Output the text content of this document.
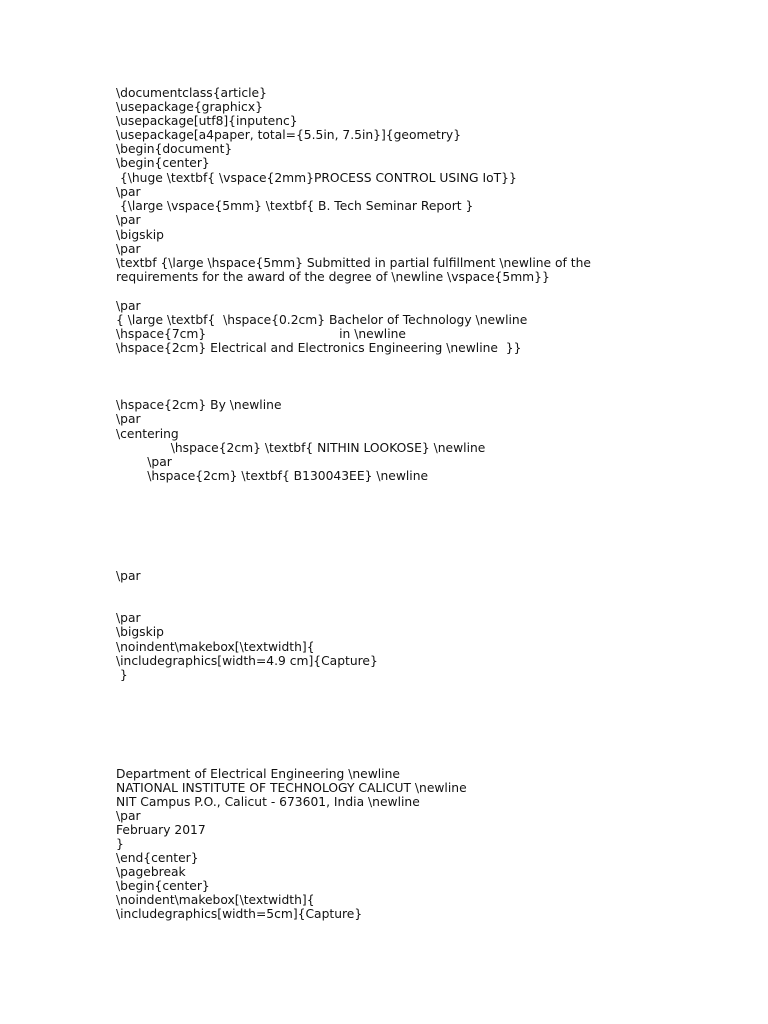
\documentclass{article}

\usepackage{graphicx}

\usepackage[utf8]{inputenc}

\usepackage[a4paper, total={5.5in, 7.5in}]{geometry}

\begin{document}

\begin{center}

{\huge \textbf{ \vspace{2mm}PROCESS CONTROL USING IoT}}

\par

{\large \vspace{5mm} \textbf{ B. Tech Seminar Report }

\par

\bigskip

\par

\textbf {\large \hspace{5mm} Submitted in partial fulfillment \newline of the

requirements for the award of the degree of \newline \vspace{5mm}}

\par

{ \large \textbf{  \hspace{0.2cm} Bachelor of Technology \newline

\hspace{7cm}                                  in \newline

\hspace{2cm} Electrical and Electronics Engineering \newline  }}

\hspace{2cm} By \newline

\par

\centering

\hspace{2cm} \textbf{ NITHIN LOOKOSE} \newline

\par

\hspace{2cm} \textbf{ B130043EE} \newline

\par

\par

\bigskip

\noindent\makebox[\textwidth]{

\includegraphics[width=4.9 cm]{Capture}

}

Department of Electrical Engineering \newline

NATIONAL INSTITUTE OF TECHNOLOGY CALICUT \newline

NIT Campus P.O., Calicut - 673601, India \newline

\par

February 2017

}

\end{center}

\pagebreak

\begin{center}

\noindent\makebox[\textwidth]{

\includegraphics[width=5cm]{Capture}
